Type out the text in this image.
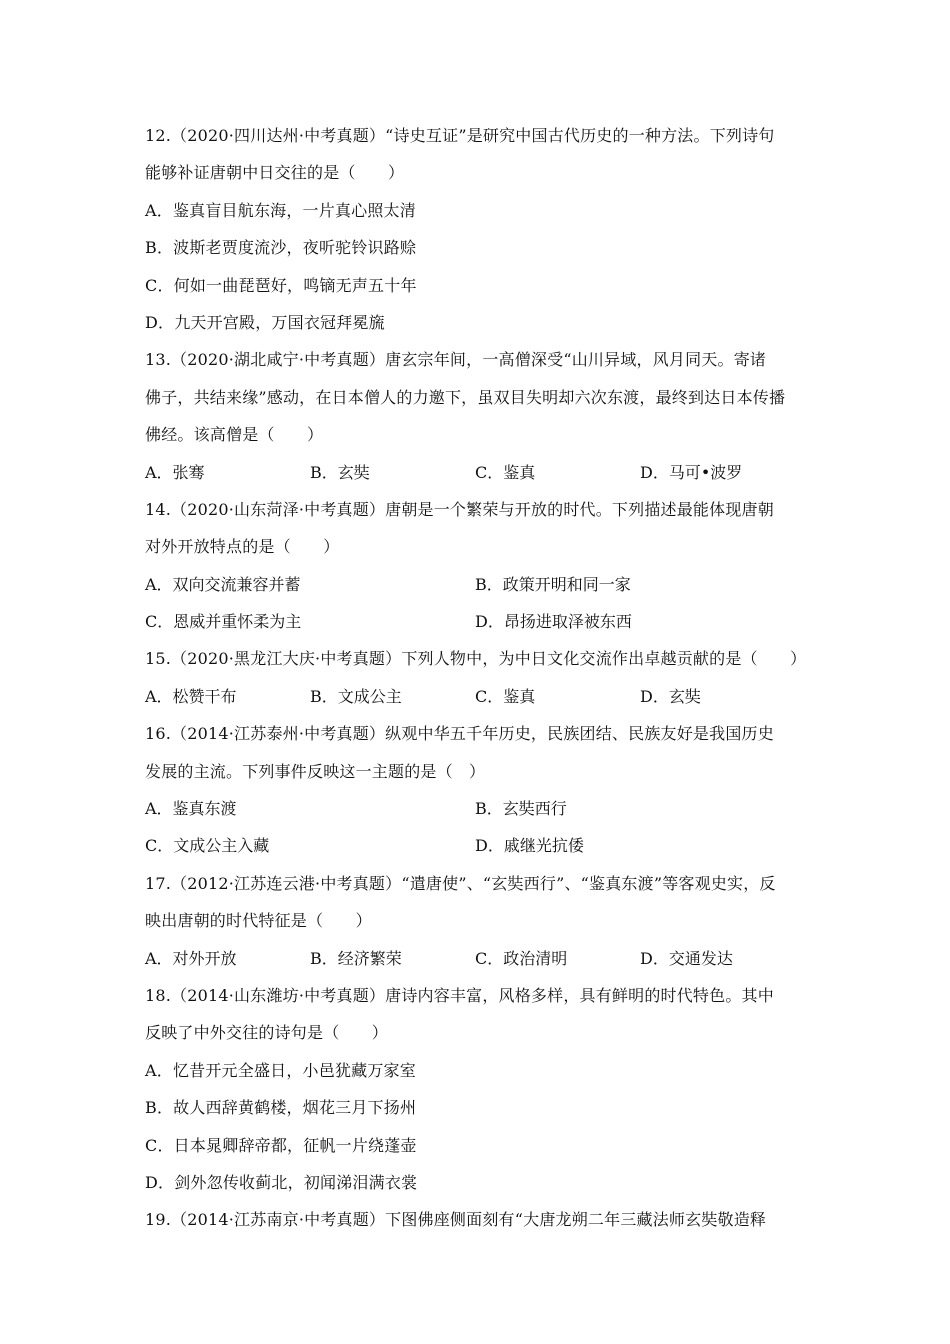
12.（2020·四川达州·中考真题）“诗史互证”是研究中国古代历史的一种方法。下列诗句
能够补证唐朝中日交往的是（　　）
A．鉴真盲目航东海，一片真心照太清
B．波斯老贾度流沙，夜听驼铃识路赊
C．何如一曲琵琶好，鸣镝无声五十年
D．九天开宫殿，万国衣冠拜冕旒
13.（2020·湖北咸宁·中考真题）唐玄宗年间，一高僧深受“山川异域，风月同天。寄诸
佛子，共结来缘”感动，在日本僧人的力邀下，虽双目失明却六次东渡，最终到达日本传播
佛经。该高僧是（　　）
A．张骞	B．玄奘	C．鉴真	D．马可•波罗
14.（2020·山东菏泽·中考真题）唐朝是一个繁荣与开放的时代。下列描述最能体现唐朝
对外开放特点的是（　　）
A．双向交流兼容并蓄	B．政策开明和同一家
C．恩威并重怀柔为主	D．昂扬进取泽被东西
15.（2020·黑龙江大庆·中考真题）下列人物中，为中日文化交流作出卓越贡献的是（　　）
A．松赞干布	B．文成公主	C．鉴真	D．玄奘
16.（2014·江苏泰州·中考真题）纵观中华五千年历史，民族团结、民族友好是我国历史
发展的主流。下列事件反映这一主题的是（　）
A．鉴真东渡	B．玄奘西行
C．文成公主入藏	D．戚继光抗倭
17.（2012·江苏连云港·中考真题）“遣唐使”、“玄奘西行”、“鉴真东渡”等客观史实，反
映出唐朝的时代特征是（　　）
A．对外开放	B．经济繁荣	C．政治清明	D．交通发达
18.（2014·山东潍坊·中考真题）唐诗内容丰富，风格多样，具有鲜明的时代特色。其中
反映了中外交往的诗句是（　　）
A．忆昔开元全盛日，小邑犹藏万家室
B．故人西辞黄鹤楼，烟花三月下扬州
C．日本晁卿辞帝都，征帆一片绕蓬壶
D．剑外忽传收蓟北，初闻涕泪满衣裳
19.（2014·江苏南京·中考真题）下图佛座侧面刻有“大唐龙朔二年三藏法师玄奘敬造释
